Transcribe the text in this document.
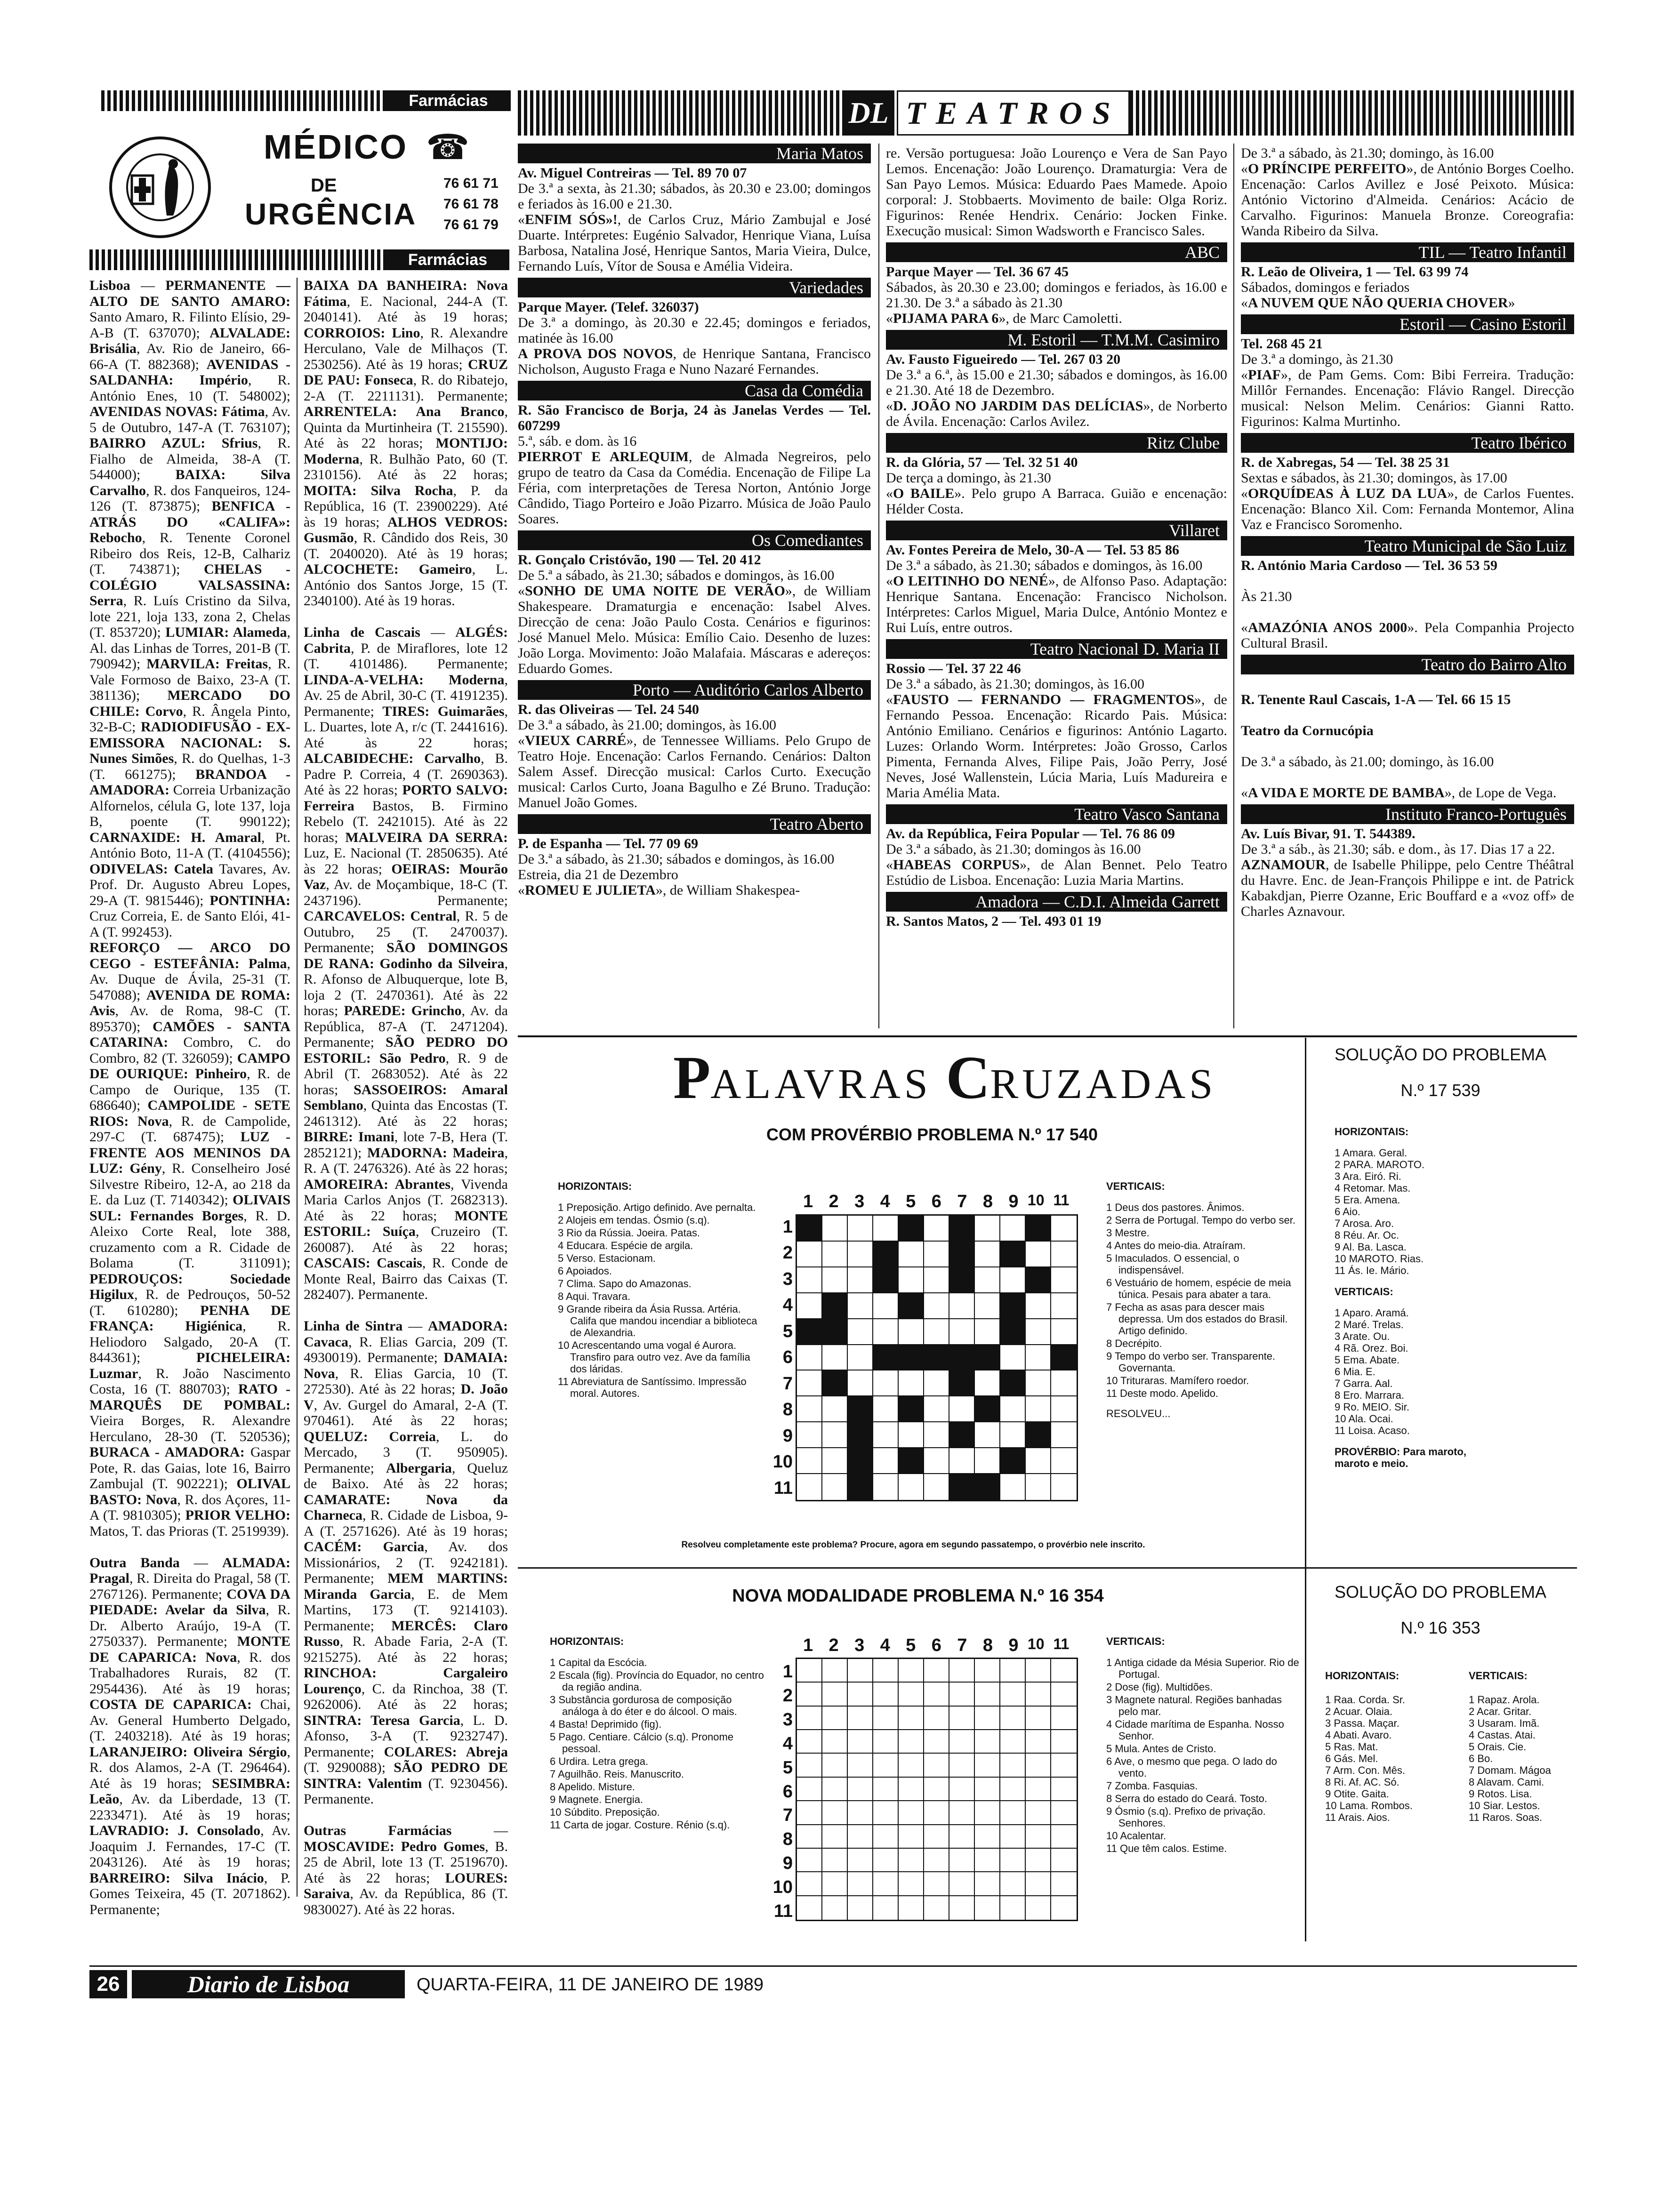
Farmácias
MÉDICO ☎
DE
URGÊNCIA
76 61 71
76 61 78
76 61 79
Farmácias

Lisboa — PERMANENTE — ALTO DE SANTO AMARO: Santo Amaro, R. Filinto Elísio, 29-A-B (T. 637070); ALVALADE: Brisália, Av. Rio de Janeiro, 66-66-A (T. 882368); AVENIDAS - SALDANHA: Império, R. António Enes, 10 (T. 548002); AVENIDAS NOVAS: Fátima, Av. 5 de Outubro, 147-A (T. 763107); BAIRRO AZUL: Sfrius, R. Fialho de Almeida, 38-A (T. 544000); BAIXA: Silva Carvalho, R. dos Fanqueiros, 124-126 (T. 873875); BENFICA - ATRÁS DO «CALIFA»: Rebocho, R. Tenente Coronel Ribeiro dos Reis, 12-B, Calhariz (T. 743871); CHELAS - COLÉGIO VALSASSINA: Serra, R. Luís Cristino da Silva, lote 221, loja 133, zona 2, Chelas (T. 853720); LUMIAR: Alameda, Al. das Linhas de Torres, 201-B (T. 790942); MARVILA: Freitas, R. Vale Formoso de Baixo, 23-A (T. 381136); MERCADO DO CHILE: Corvo, R. Ângela Pinto, 32-B-C; RADIODIFUSÃO - EX-EMISSORA NACIONAL: S. Nunes Simões, R. do Quelhas, 1-3 (T. 661275); BRANDOA - AMADORA: Correia Urbanização Alfornelos, célula G, lote 137, loja B, poente (T. 990122); CARNAXIDE: H. Amaral, Pt. António Boto, 11-A (T. (4104556); ODIVELAS: Catela Tavares, Av. Prof. Dr. Augusto Abreu Lopes, 29-A (T. 9815446); PONTINHA: Cruz Correia, E. de Santo Elói, 41-A (T. 992453).
REFORÇO — ARCO DO CEGO - ESTEFÂNIA: Palma, Av. Duque de Ávila, 25-31 (T. 547088); AVENIDA DE ROMA: Avis, Av. de Roma, 98-C (T. 895370); CAMÕES - SANTA CATARINA: Combro, C. do Combro, 82 (T. 326059); CAMPO DE OURIQUE: Pinheiro, R. de Campo de Ourique, 135 (T. 686640); CAMPOLIDE - SETE RIOS: Nova, R. de Campolide, 297-C (T. 687475); LUZ - FRENTE AOS MENINOS DA LUZ: Gény, R. Conselheiro José Silvestre Ribeiro, 12-A, ao 218 da E. da Luz (T. 7140342); OLIVAIS SUL: Fernandes Borges, R. D. Aleixo Corte Real, lote 388, cruzamento com a R. Cidade de Bolama (T. 311091); PEDROUÇOS: Sociedade Higilux, R. de Pedrouços, 50-52 (T. 610280); PENHA DE FRANÇA: Higiénica, R. Heliodoro Salgado, 20-A (T. 844361); PICHELEIRA: Luzmar, R. João Nascimento Costa, 16 (T. 880703); RATO - MARQUÊS DE POMBAL: Vieira Borges, R. Alexandre Herculano, 28-30 (T. 520536); BURACA - AMADORA: Gaspar Pote, R. das Gaias, lote 16, Bairro Zambujal (T. 902221); OLIVAL BASTO: Nova, R. dos Açores, 11-A (T. 9810305); PRIOR VELHO: Matos, T. das Prioras (T. 2519939).

Outra Banda — ALMADA: Pragal, R. Direita do Pragal, 58 (T. 2767126). Permanente; COVA DA PIEDADE: Avelar da Silva, R. Dr. Alberto Araújo, 19-A (T. 2750337). Permanente; MONTE DE CAPARICA: Nova, R. dos Trabalhadores Rurais, 82 (T. 2954436). Até às 19 horas; COSTA DE CAPARICA: Chai, Av. General Humberto Delgado, (T. 2403218). Até às 19 horas; LARANJEIRO: Oliveira Sérgio, R. dos Alamos, 2-A (T. 296464). Até às 19 horas; SESIMBRA: Leão, Av. da Liberdade, 13 (T. 2233471). Até às 19 horas; LAVRADIO: J. Consolado, Av. Joaquim J. Fernandes, 17-C (T. 2043126). Até às 19 horas; BARREIRO: Silva Inácio, P. Gomes Teixeira, 45 (T. 2071862). Permanente;

BAIXA DA BANHEIRA: Nova Fátima, E. Nacional, 244-A (T. 2040141). Até às 19 horas; CORROIOS: Lino, R. Alexandre Herculano, Vale de Milhaços (T. 2530256). Até às 19 horas; CRUZ DE PAU: Fonseca, R. do Ribatejo, 2-A (T. 2211131). Permanente; ARRENTELA: Ana Branco, Quinta da Murtinheira (T. 215590). Até às 22 horas; MONTIJO: Moderna, R. Bulhão Pato, 60 (T. 2310156). Até às 22 horas; MOITA: Silva Rocha, P. da República, 16 (T. 23900229). Até às 19 horas; ALHOS VEDROS: Gusmão, R. Cândido dos Reis, 30 (T. 2040020). Até às 19 horas; ALCOCHETE: Gameiro, L. António dos Santos Jorge, 15 (T. 2340100). Até às 19 horas.

Linha de Cascais — ALGÉS: Cabrita, P. de Miraflores, lote 12 (T. 4101486). Permanente; LINDA-A-VELHA: Moderna, Av. 25 de Abril, 30-C (T. 4191235). Permanente; TIRES: Guimarães, L. Duartes, lote A, r/c (T. 2441616). Até às 22 horas; ALCABIDECHE: Carvalho, B. Padre P. Correia, 4 (T. 2690363). Até às 22 horas; PORTO SALVO: Ferreira Bastos, B. Firmino Rebelo (T. 2421015). Até às 22 horas; MALVEIRA DA SERRA: Luz, E. Nacional (T. 2850635). Até às 22 horas; OEIRAS: Mourão Vaz, Av. de Moçambique, 18-C (T. 2437196). Permanente; CARCAVELOS: Central, R. 5 de Outubro, 25 (T. 2470037). Permanente; SÃO DOMINGOS DE RANA: Godinho da Silveira, R. Afonso de Albuquerque, lote B, loja 2 (T. 2470361). Até às 22 horas; PAREDE: Grincho, Av. da República, 87-A (T. 2471204). Permanente; SÃO PEDRO DO ESTORIL: São Pedro, R. 9 de Abril (T. 2683052). Até às 22 horas; SASSOEIROS: Amaral Semblano, Quinta das Encostas (T. 2461312). Até às 22 horas; BIRRE: Imani, lote 7-B, Hera (T. 2852121); MADORNA: Madeira, R. A (T. 2476326). Até às 22 horas; AMOREIRA: Abrantes, Vivenda Maria Carlos Anjos (T. 2682313). Até às 22 horas; MONTE ESTORIL: Suíça, Cruzeiro (T. 260087). Até às 22 horas; CASCAIS: Cascais, R. Conde de Monte Real, Bairro das Caixas (T. 282407). Permanente.

Linha de Sintra — AMADORA: Cavaca, R. Elias Garcia, 209 (T. 4930019). Permanente; DAMAIA: Nova, R. Elias Garcia, 10 (T. 272530). Até às 22 horas; D. João V, Av. Gurgel do Amaral, 2-A (T. 970461). Até às 22 horas; QUELUZ: Correia, L. do Mercado, 3 (T. 950905). Permanente; Albergaria, Queluz de Baixo. Até às 22 horas; CAMARATE: Nova da Charneca, R. Cidade de Lisboa, 9-A (T. 2571626). Até às 19 horas; CACÉM: Garcia, Av. dos Missionários, 2 (T. 9242181). Permanente; MEM MARTINS: Miranda Garcia, E. de Mem Martins, 173 (T. 9214103). Permanente; MERCÊS: Claro Russo, R. Abade Faria, 2-A (T. 9215275). Até às 22 horas; RINCHOA: Cargaleiro Lourenço, C. da Rinchoa, 38 (T. 9262006). Até às 22 horas; SINTRA: Teresa Garcia, L. D. Afonso, 3-A (T. 9232747). Permanente; COLARES: Abreja (T. 9290088); SÃO PEDRO DE SINTRA: Valentim (T. 9230456). Permanente.

Outras Farmácias — MOSCAVIDE: Pedro Gomes, B. 25 de Abril, lote 13 (T. 2519670). Até às 22 horas; LOURES: Saraiva, Av. da República, 86 (T. 9830027). Até às 22 horas.

DL TEATROS
Maria Matos
Av. Miguel Contreiras — Tel. 89 70 07
De 3.ª a sexta, às 21.30; sábados, às 20.30 e 23.00; domingos e feriados às 16.00 e 21.30.
«ENFIM SÓS»!, de Carlos Cruz, Mário Zambujal e José Duarte. Intérpretes: Eugénio Salvador, Henrique Viana, Luísa Barbosa, Natalina José, Henrique Santos, Maria Vieira, Dulce, Fernando Luís, Vítor de Sousa e Amélia Videira.
Variedades
Parque Mayer. (Telef. 326037)
De 3.ª a domingo, às 20.30 e 22.45; domingos e feriados, matinée às 16.00
A PROVA DOS NOVOS, de Henrique Santana, Francisco Nicholson, Augusto Fraga e Nuno Nazaré Fernandes.
Casa da Comédia
R. São Francisco de Borja, 24 às Janelas Verdes — Tel. 607299
5.ª, sáb. e dom. às 16
PIERROT E ARLEQUIM, de Almada Negreiros, pelo grupo de teatro da Casa da Comédia. Encenação de Filipe La Féria, com interpretações de Teresa Norton, António Jorge Cândido, Tiago Porteiro e João Pizarro. Música de João Paulo Soares.
Os Comediantes
R. Gonçalo Cristóvão, 190 — Tel. 20 412
De 5.ª a sábado, às 21.30; sábados e domingos, às 16.00
«SONHO DE UMA NOITE DE VERÃO», de William Shakespeare. Dramaturgia e encenação: Isabel Alves. Direcção de cena: João Paulo Costa. Cenários e figurinos: José Manuel Melo. Música: Emílio Caio. Desenho de luzes: João Lorga. Movimento: João Malafaia. Máscaras e adereços: Eduardo Gomes.
Porto — Auditório Carlos Alberto
R. das Oliveiras — Tel. 24 540
De 3.ª a sábado, às 21.00; domingos, às 16.00
«VIEUX CARRÉ», de Tennessee Williams. Pelo Grupo de Teatro Hoje. Encenação: Carlos Fernando. Cenários: Dalton Salem Assef. Direcção musical: Carlos Curto. Execução musical: Carlos Curto, Joana Bagulho e Zé Bruno. Tradução: Manuel João Gomes.
Teatro Aberto
P. de Espanha — Tel. 77 09 69
De 3.ª a sábado, às 21.30; sábados e domingos, às 16.00
Estreia, dia 21 de Dezembro
«ROMEU E JULIETA», de William Shakespea-
re. Versão portuguesa: João Lourenço e Vera de San Payo Lemos. Encenação: João Lourenço. Dramaturgia: Vera de San Payo Lemos. Música: Eduardo Paes Mamede. Apoio corporal: J. Stobbaerts. Movimento de baile: Olga Roriz. Figurinos: Renée Hendrix. Cenário: Jocken Finke. Execução musical: Simon Wadsworth e Francisco Sales.
ABC
Parque Mayer — Tel. 36 67 45
Sábados, às 20.30 e 23.00; domingos e feriados, às 16.00 e 21.30. De 3.ª a sábado às 21.30
«PIJAMA PARA 6», de Marc Camoletti.
M. Estoril — T.M.M. Casimiro
Av. Fausto Figueiredo — Tel. 267 03 20
De 3.ª a 6.ª, às 15.00 e 21.30; sábados e domingos, às 16.00 e 21.30. Até 18 de Dezembro.
«D. JOÃO NO JARDIM DAS DELÍCIAS», de Norberto de Ávila. Encenação: Carlos Avilez.
Ritz Clube
R. da Glória, 57 — Tel. 32 51 40
De terça a domingo, às 21.30
«O BAILE». Pelo grupo A Barraca. Guião e encenação: Hélder Costa.
Villaret
Av. Fontes Pereira de Melo, 30-A — Tel. 53 85 86
De 3.ª a sábado, às 21.30; sábados e domingos, às 16.00
«O LEITINHO DO NENÉ», de Alfonso Paso. Adaptação: Henrique Santana. Encenação: Francisco Nicholson. Intérpretes: Carlos Miguel, Maria Dulce, António Montez e Rui Luís, entre outros.
Teatro Nacional D. Maria II
Rossio — Tel. 37 22 46
De 3.ª a sábado, às 21.30; domingos, às 16.00
«FAUSTO — FERNANDO — FRAGMENTOS», de Fernando Pessoa. Encenação: Ricardo Pais. Música: António Emiliano. Cenários e figurinos: António Lagarto. Luzes: Orlando Worm. Intérpretes: João Grosso, Carlos Pimenta, Fernanda Alves, Filipe Pais, João Perry, José Neves, José Wallenstein, Lúcia Maria, Luís Madureira e Maria Amélia Mata.
Teatro Vasco Santana
Av. da República, Feira Popular — Tel. 76 86 09
De 3.ª a sábado, às 21.30; domingos às 16.00
«HABEAS CORPUS», de Alan Bennet. Pelo Teatro Estúdio de Lisboa. Encenação: Luzia Maria Martins.
Amadora — C.D.I. Almeida Garrett
R. Santos Matos, 2 — Tel. 493 01 19
De 3.ª a sábado, às 21.30; domingo, às 16.00
«O PRÍNCIPE PERFEITO», de António Borges Coelho. Encenação: Carlos Avillez e José Peixoto. Música: António Victorino d'Almeida. Cenários: Acácio de Carvalho. Figurinos: Manuela Bronze. Coreografia: Wanda Ribeiro da Silva.
TIL — Teatro Infantil
R. Leão de Oliveira, 1 — Tel. 63 99 74
Sábados, domingos e feriados
«A NUVEM QUE NÃO QUERIA CHOVER»
Estoril — Casino Estoril
Tel. 268 45 21
De 3.ª a domingo, às 21.30
«PIAF», de Pam Gems. Com: Bibi Ferreira. Tradução: Millôr Fernandes. Encenação: Flávio Rangel. Direcção musical: Nelson Melim. Cenários: Gianni Ratto. Figurinos: Kalma Murtinho.
Teatro Ibérico
R. de Xabregas, 54 — Tel. 38 25 31
Sextas e sábados, às 21.30; domingos, às 17.00
«ORQUÍDEAS À LUZ DA LUA», de Carlos Fuentes. Encenação: Blanco Xil. Com: Fernanda Montemor, Alina Vaz e Francisco Soromenho.
Teatro Municipal de São Luiz
R. António Maria Cardoso — Tel. 36 53 59

Às 21.30

«AMAZÓNIA ANOS 2000». Pela Companhia Projecto Cultural Brasil.
Teatro do Bairro Alto

R. Tenente Raul Cascais, 1-A — Tel. 66 15 15

Teatro da Cornucópia

De 3.ª a sábado, às 21.00; domingo, às 16.00

«A VIDA E MORTE DE BAMBA», de Lope de Vega.
Instituto Franco-Português
Av. Luís Bivar, 91. T. 544389.
De 3.ª a sáb., às 21.30; sáb. e dom., às 17. Dias 17 a 22.
AZNAMOUR, de Isabelle Philippe, pelo Centre Théâtral du Havre. Enc. de Jean-François Philippe e int. de Patrick Kabakdjan, Pierre Ozanne, Eric Bouffard e a «voz off» de Charles Aznavour.
PALAVRAS CRUZADAS
COM PROVÉRBIO PROBLEMA N.º 17 540
HORIZONTAIS:

1 Preposição. Artigo definido. Ave pernalta.

2 Alojeis em tendas. Ósmio (s.q).

3 Rio da Rússia. Joeira. Patas.

4 Educara. Espécie de argila.

5 Verso. Estacionam.

6 Apoiados.

7 Clima. Sapo do Amazonas.

8 Aqui. Travara.

9 Grande ribeira da Ásia Russa. Artéria. Califa que mandou incendiar a biblioteca de Alexandria.

10 Acrescentando uma vogal é Aurora. Transfiro para outro vez. Ave da família dos láridas.

11 Abreviatura de Santíssimo. Impressão moral. Autores.

1 2 3 4 5 6 7 8 9 10 11
1
2
3
4
5
6
7
8
9
10
11
VERTICAIS:

1 Deus dos pastores. Ânimos.

2 Serra de Portugal. Tempo do verbo ser.

3 Mestre.

4 Antes do meio-dia. Atraíram.

5 Imaculados. O essencial, o indispensável.

6 Vestuário de homem, espécie de meia túnica. Pesais para abater a tara.

7 Fecha as asas para descer mais depressa. Um dos estados do Brasil. Artigo definido.

8 Decrépito.

9 Tempo do verbo ser. Transparente. Governanta.

10 Trituraras. Mamífero roedor.

11 Deste modo. Apelido.

RESOLVEU...
Resolveu completamente este problema? Procure, agora em segundo passatempo, o provérbio nele inscrito.
SOLUÇÃO DO PROBLEMA
N.º 17 539
HORIZONTAIS:

1 Amara. Geral.

2 PARA. MAROTO.

3 Ara. Eiró. Ri.

4 Retomar. Mas.

5 Era. Amena.

6 Aio.

7 Arosa. Aro.

8 Réu. Ar. Oc.

9 Al. Ba. Lasca.

10 MAROTO. Rias.

11 Ás. Ie. Mário.

VERTICAIS:

1 Aparo. Aramá.

2 Maré. Trelas.

3 Arate. Ou.

4 Rã. Orez. Boi.

5 Ema. Abate.

6 Mia. E.

7 Garra. Aal.

8 Ero. Marrara.

9 Ro. MEIO. Sir.

10 Ala. Ocai.

11 Loisa. Acaso.

PROVÉRBIO: Para maroto, maroto e meio.
NOVA MODALIDADE PROBLEMA N.º 16 354
HORIZONTAIS:

1 Capital da Escócia.

2 Escala (fig). Província do Equador, no centro da região andina.

3 Substância gordurosa de composição análoga à do éter e do álcool. O mais.

4 Basta! Deprimido (fig).

5 Pago. Centiare. Cálcio (s.q). Pronome pessoal.

6 Urdira. Letra grega.

7 Aguilhão. Reis. Manuscrito.

8 Apelido. Misture.

9 Magnete. Energia.

10 Súbdito. Preposição.

11 Carta de jogar. Costure. Rénio (s.q).

1 2 3 4 5 6 7 8 9 10 11
1
2
3
4
5
6
7
8
9
10
11
VERTICAIS:

1 Antiga cidade da Mésia Superior. Rio de Portugal.

2 Dose (fig). Multidões.

3 Magnete natural. Regiões banhadas pelo mar.

4 Cidade marítima de Espanha. Nosso Senhor.

5 Mula. Antes de Cristo.

6 Ave, o mesmo que pega. O lado do vento.

7 Zomba. Fasquias.

8 Serra do estado do Ceará. Tosto.

9 Ósmio (s.q). Prefixo de privação. Senhores.

10 Acalentar.

11 Que têm calos. Estime.

SOLUÇÃO DO PROBLEMA
N.º 16 353
HORIZONTAIS:

1 Raa. Corda. Sr.

2 Acuar. Olaia.

3 Passa. Maçar.

4 Abati. Avaro.

5 Ras. Mat.

6 Gás. Mel.

7 Arm. Con. Mês.

8 Ri. Af. AC. Só.

9 Otite. Gaita.

10 Lama. Rombos.

11 Arais. Aios.

VERTICAIS:

1 Rapaz. Arola.

2 Acar. Gritar.

3 Usaram. Imã.

4 Castas. Atai.

5 Orais. Cie.

6 Bo.

7 Domam. Mágoa

8 Alavam. Cami.

9 Rotos. Lisa.

10 Siar. Lestos.

11 Raros. Soas.

26	Diario de Lisboa	QUARTA-FEIRA, 11 DE JANEIRO DE 1989
